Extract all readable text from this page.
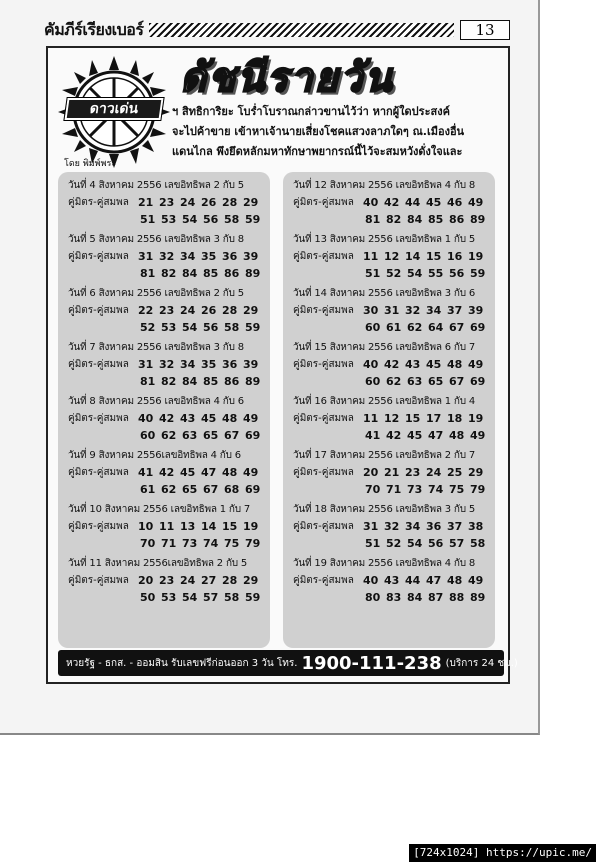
คัมภีร์เรียงเบอร์	13
ดาวเด่น
ดัชนีรายวัน
ฯ สิทธิการิยะ โบร่ำโบราณกล่าวขานไว้ว่า หากผู้ใดประสงค์
จะไปค้าขาย เข้าหาเจ้านายเสี่ยงโชคแสวงลาภใดๆ ณ.เมืองอื่น
แดนไกล พึงยึดหลักมหาทักษาพยากรณ์นี้ไว้จะสมหวังดั่งใจและ
โดย พิมพ์พระ
วันที่ 4 สิงหาคม 2556 เลขอิทธิพล 2 กับ 5
คู่มิตร-คู่สมพล 21 23 24 26 28 29
51 53 54 56 58 59
วันที่ 5 สิงหาคม 2556 เลขอิทธิพล 3 กับ 8
คู่มิตร-คู่สมพล 31 32 34 35 36 39
81 82 84 85 86 89
วันที่ 6 สิงหาคม 2556 เลขอิทธิพล 2 กับ 5
คู่มิตร-คู่สมพล 22 23 24 26 28 29
52 53 54 56 58 59
วันที่ 7 สิงหาคม 2556 เลขอิทธิพล 3 กับ 8
คู่มิตร-คู่สมพล 31 32 34 35 36 39
81 82 84 85 86 89
วันที่ 8 สิงหาคม 2556 เลขอิทธิพล 4 กับ 6
คู่มิตร-คู่สมพล 40 42 43 45 48 49
60 62 63 65 67 69
วันที่ 9 สิงหาคม 2556เลขอิทธิพล 4 กับ 6
คู่มิตร-คู่สมพล 41 42 45 47 48 49
61 62 65 67 68 69
วันที่ 10 สิงหาคม 2556 เลขอิทธิพล 1 กับ 7
คู่มิตร-คู่สมพล 10 11 13 14 15 19
70 71 73 74 75 79
วันที่ 11 สิงหาคม 2556เลขอิทธิพล 2 กับ 5
คู่มิตร-คู่สมพล 20 23 24 27 28 29
50 53 54 57 58 59
วันที่ 12 สิงหาคม 2556 เลขอิทธิพล 4 กับ 8
คู่มิตร-คู่สมพล 40 42 44 45 46 49
81 82 84 85 86 89
วันที่ 13 สิงหาคม 2556 เลขอิทธิพล 1 กับ 5
คู่มิตร-คู่สมพล 11 12 14 15 16 19
51 52 54 55 56 59
วันที่ 14 สิงหาคม 2556 เลขอิทธิพล 3 กับ 6
คู่มิตร-คู่สมพล 30 31 32 34 37 39
60 61 62 64 67 69
วันที่ 15 สิงหาคม 2556 เลขอิทธิพล 6 กับ 7
คู่มิตร-คู่สมพล 40 42 43 45 48 49
60 62 63 65 67 69
วันที่ 16 สิงหาคม 2556 เลขอิทธิพล 1 กับ 4
คู่มิตร-คู่สมพล 11 12 15 17 18 19
41 42 45 47 48 49
วันที่ 17 สิงหาคม 2556 เลขอิทธิพล 2 กับ 7
คู่มิตร-คู่สมพล 20 21 23 24 25 29
70 71 73 74 75 79
วันที่ 18 สิงหาคม 2556 เลขอิทธิพล 3 กับ 5
คู่มิตร-คู่สมพล 31 32 34 36 37 38
51 52 54 56 57 58
วันที่ 19 สิงหาคม 2556 เลขอิทธิพล 4 กับ 8
คู่มิตร-คู่สมพล 40 43 44 47 48 49
80 83 84 87 88 89
หวยรัฐ - ธกส. - ออมสิน รับเลขฟรีก่อนออก 3 วัน โทร. 1900-111-238 (บริการ 24 ชม.)
[724x1024] https://upic.me/
